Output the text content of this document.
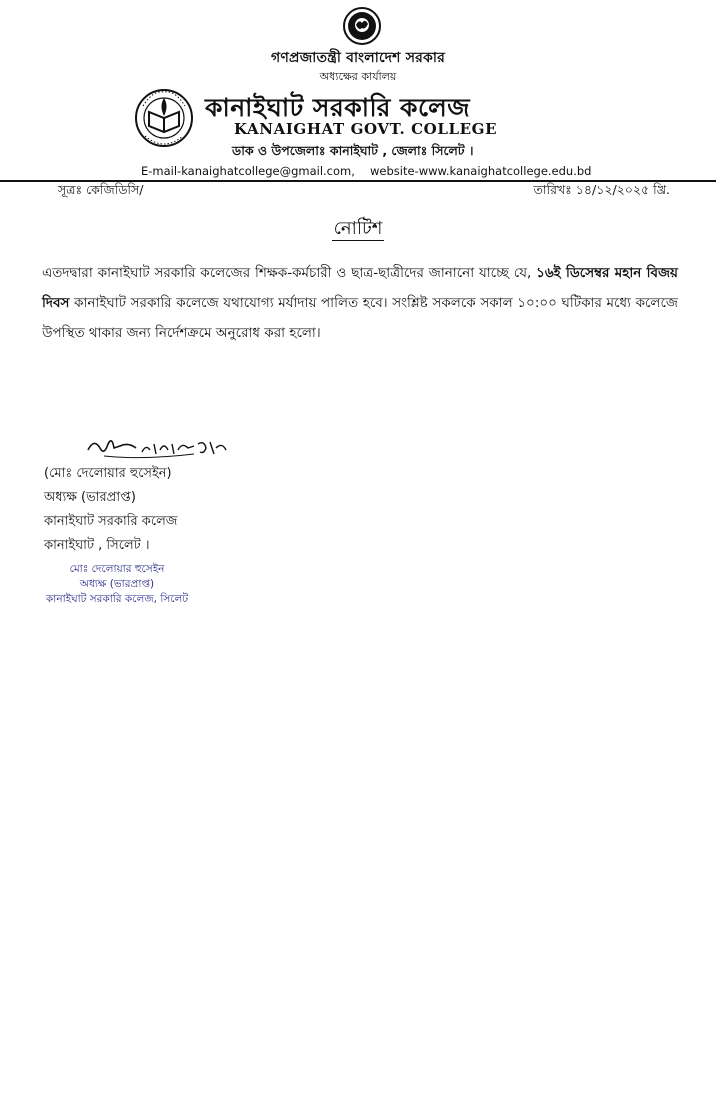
গণপ্রজাতন্ত্রী বাংলাদেশ সরকার
অধ্যক্ষের কার্যালয়
কানাইঘাট সরকারি কলেজ
KANAIGHAT GOVT. COLLEGE
ডাক ও উপজেলাঃ কানাইঘাট , জেলাঃ সিলেট ।
E-mail-kanaighatcollege@gmail.com, website-www.kanaighatcollege.edu.bd
সূত্রঃ কেজিডিসি/	তারিখঃ ১৪/১২/২০২৫ খ্রি.
নোটিশ
এতদদ্বারা কানাইঘাট সরকারি কলেজের শিক্ষক-কর্মচারী ও ছাত্র-ছাত্রীদের জানানো যাচ্ছে যে, ১৬ই ডিসেম্বর মহান বিজয় দিবস কানাইঘাট সরকারি কলেজে যথাযোগ্য মর্যাদায় পালিত হবে। সংশ্লিষ্ট সকলকে সকাল ১০:০০ ঘটিকার মধ্যে কলেজে উপস্থিত থাকার জন্য নির্দেশক্রমে অনুরোধ করা হলো।
(মোঃ দেলোয়ার হুসেইন)
অধ্যক্ষ (ভারপ্রাপ্ত)
কানাইঘাট সরকারি কলেজ
কানাইঘাট , সিলেট ।
মোঃ দেলোয়ার হুসেইন
অধ্যক্ষ (ভারপ্রাপ্ত)
কানাইঘাট সরকারি কলেজ, সিলেট
